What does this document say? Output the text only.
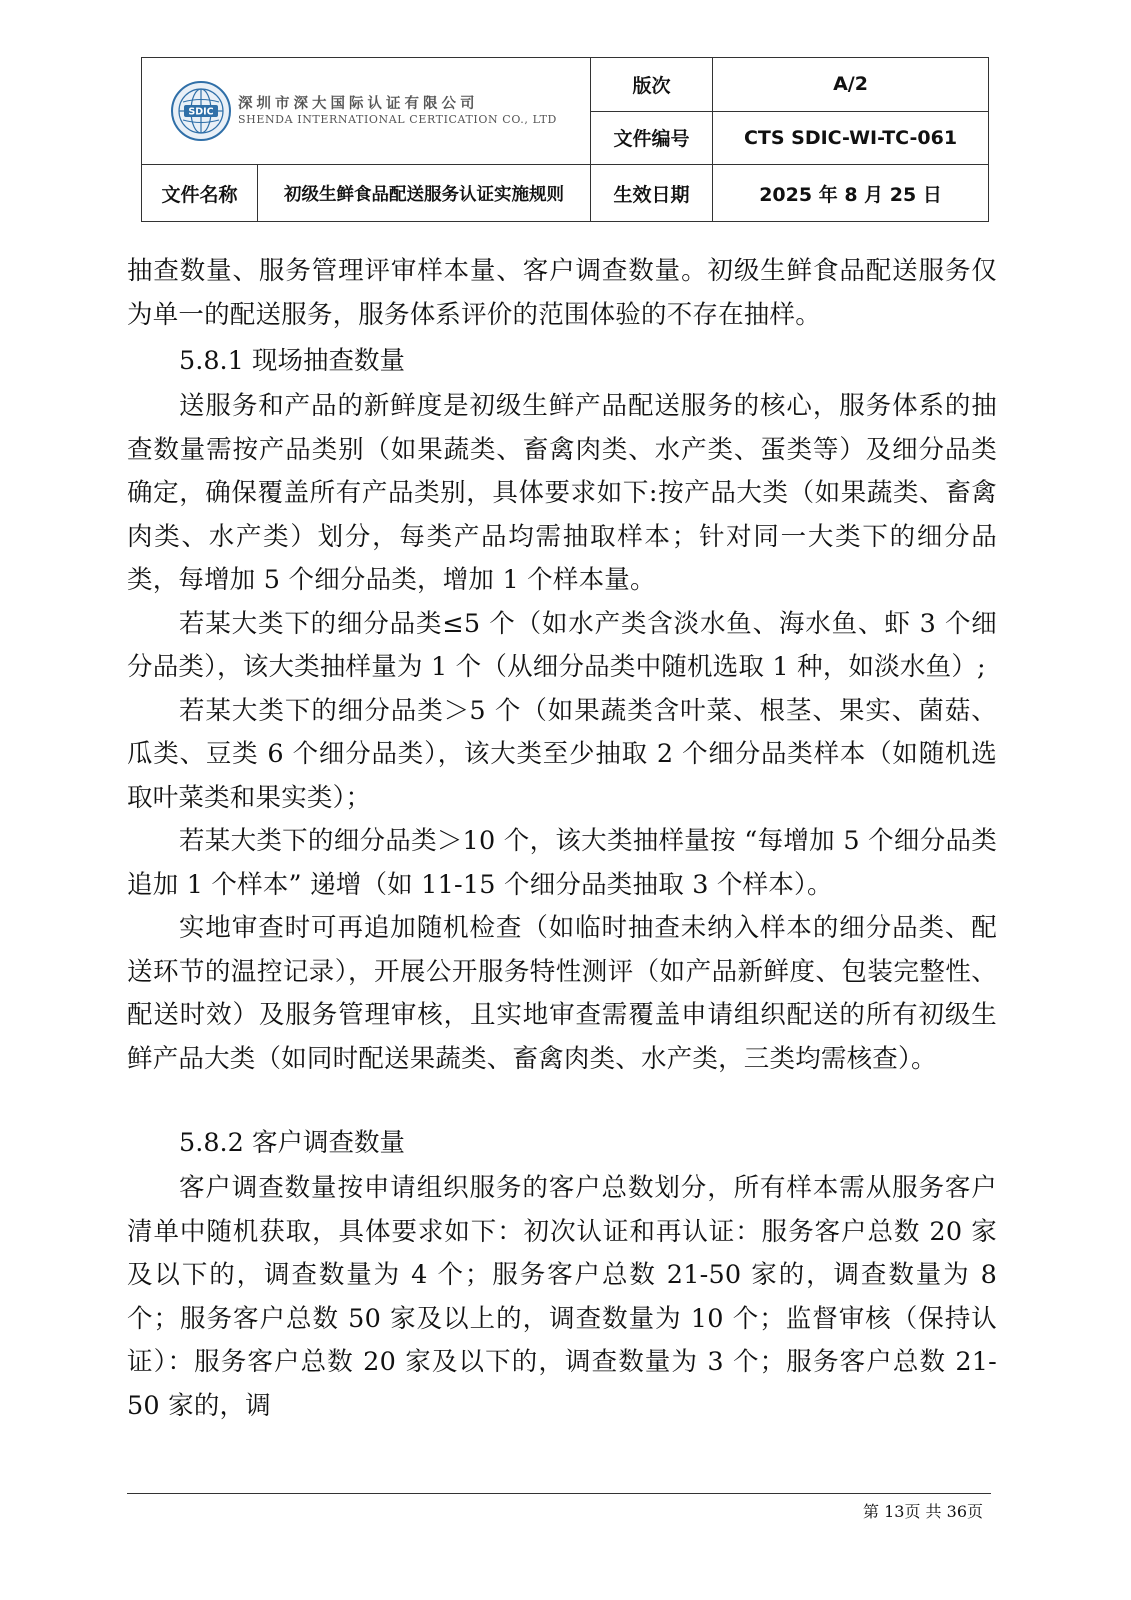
SDIC 深圳市深大国际认证有限公司
SHENDA INTERNATIONAL CERTICATION CO., LTD		版次	A/2
		文件编号	CTS SDIC-WI-TC-061
文件名称	初级生鲜食品配送服务认证实施规则	生效日期	2025 年 8 月 25 日

抽查数量、服务管理评审样本量、客户调查数量。初级生鲜食品配送服务仅为单一的配送服务，服务体系评价的范围体验的不存在抽样。

5.8.1 现场抽查数量

送服务和产品的新鲜度是初级生鲜产品配送服务的核心，服务体系的抽查数量需按产品类别（如果蔬类、畜禽肉类、水产类、蛋类等）及细分品类确定，确保覆盖所有产品类别，具体要求如下:按产品大类（如果蔬类、畜禽肉类、水产类）划分，每类产品均需抽取样本；针对同一大类下的细分品类，每增加 5 个细分品类，增加 1 个样本量。

若某大类下的细分品类≤5 个（如水产类含淡水鱼、海水鱼、虾 3 个细分品类），该大类抽样量为 1 个（从细分品类中随机选取 1 种，如淡水鱼）;

若某大类下的细分品类＞5 个（如果蔬类含叶菜、根茎、果实、菌菇、瓜类、豆类 6 个细分品类），该大类至少抽取 2 个细分品类样本（如随机选取叶菜类和果实类）；

若某大类下的细分品类＞10 个，该大类抽样量按 “每增加 5 个细分品类追加 1 个样本” 递增（如 11-15 个细分品类抽取 3 个样本）。

实地审查时可再追加随机检查（如临时抽查未纳入样本的细分品类、配送环节的温控记录），开展公开服务特性测评（如产品新鲜度、包装完整性、配送时效）及服务管理审核，且实地审查需覆盖申请组织配送的所有初级生鲜产品大类（如同时配送果蔬类、畜禽肉类、水产类，三类均需核查）。

5.8.2 客户调查数量

客户调查数量按申请组织服务的客户总数划分，所有样本需从服务客户清单中随机获取，具体要求如下：初次认证和再认证：服务客户总数 20 家及以下的，调查数量为 4 个；服务客户总数 21-50 家的，调查数量为 8 个；服务客户总数 50 家及以上的，调查数量为 10 个；监督审核（保持认证）：服务客户总数 20 家及以下的，调查数量为 3 个；服务客户总数 21-50 家的，调

第 13页 共 36页
